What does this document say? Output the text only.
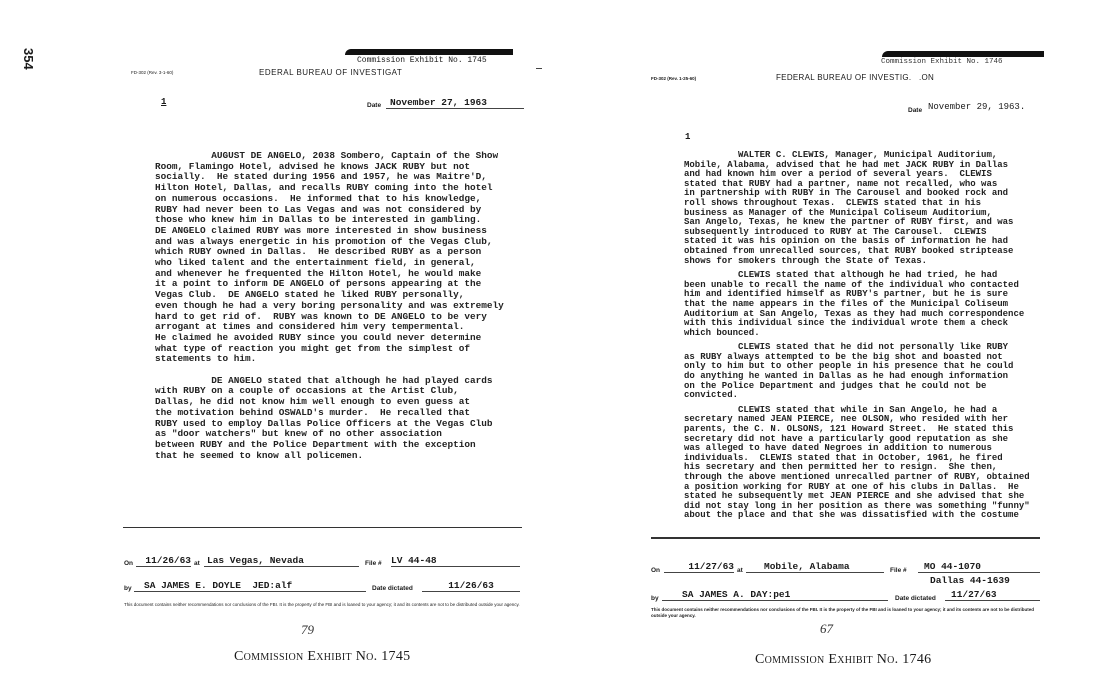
354	Commission Exhibit No. 1745
FD-302 (Rev. 3-1-60)	EDERAL BUREAU OF INVESTIGAT
1	Date November 27, 1963
AUGUST DE ANGELO, 2038 Sombero, Captain of the Show
Room, Flamingo Hotel, advised he knows JACK RUBY but not
socially.  He stated during 1956 and 1957, he was Maitre'D,
Hilton Hotel, Dallas, and recalls RUBY coming into the hotel
on numerous occasions.  He informed that to his knowledge,
RUBY had never been to Las Vegas and was not considered by
those who knew him in Dallas to be interested in gambling.
DE ANGELO claimed RUBY was more interested in show business
and was always energetic in his promotion of the Vegas Club,
which RUBY owned in Dallas.  He described RUBY as a person
who liked talent and the entertainment field, in general,
and whenever he frequented the Hilton Hotel, he would make
it a point to inform DE ANGELO of persons appearing at the
Vegas Club.  DE ANGELO stated he liked RUBY personally,
even though he had a very boring personality and was extremely
hard to get rid of.  RUBY was known to DE ANGELO to be very
arrogant at times and considered him very tempermental.
He claimed he avoided RUBY since you could never determine
what type of reaction you might get from the simplest of
statements to him.
DE ANGELO stated that although he had played cards
with RUBY on a couple of occasions at the Artist Club,
Dallas, he did not know him well enough to even guess at
the motivation behind OSWALD's murder.  He recalled that
RUBY used to employ Dallas Police Officers at the Vegas Club
as "door watchers" but knew of no other association
between RUBY and the Police Department with the exception
that he seemed to know all policemen.
On	11/26/63 at Las Vegas, Nevada	File # LV 44-48
by	SA JAMES E. DOYLE  JED:alf	Date dictated	11/26/63
This document contains neither recommendations nor conclusions of the FBI. It is the property of the FBI and is loaned to your agency; it and its contents are not to be distributed outside your agency.
79
Commission Exhibit No. 1745
Commission Exhibit No. 1746
FD-302 (Rev. 1-25-60)	FEDERAL BUREAU OF INVESTIG.   .ON
Date November 29, 1963.
1
WALTER C. CLEWIS, Manager, Municipal Auditorium,
Mobile, Alabama, advised that he had met JACK RUBY in Dallas
and had known him over a period of several years.  CLEWIS
stated that RUBY had a partner, name not recalled, who was
in partnership with RUBY in The Carousel and booked rock and
roll shows throughout Texas.  CLEWIS stated that in his
business as Manager of the Municipal Coliseum Auditorium,
San Angelo, Texas, he knew the partner of RUBY first, and was
subsequently introduced to RUBY at The Carousel.  CLEWIS
stated it was his opinion on the basis of information he had
obtained from unrecalled sources, that RUBY booked striptease
shows for smokers through the State of Texas.
CLEWIS stated that although he had tried, he had
been unable to recall the name of the individual who contacted
him and identified himself as RUBY's partner, but he is sure
that the name appears in the files of the Municipal Coliseum
Auditorium at San Angelo, Texas as they had much correspondence
with this individual since the individual wrote them a check
which bounced.
CLEWIS stated that he did not personally like RUBY
as RUBY always attempted to be the big shot and boasted not
only to him but to other people in his presence that he could
do anything he wanted in Dallas as he had enough information
on the Police Department and judges that he could not be
convicted.
CLEWIS stated that while in San Angelo, he had a
secretary named JEAN PIERCE, nee OLSON, who resided with her
parents, the C. N. OLSONS, 121 Howard Street.  He stated this
secretary did not have a particularly good reputation as she
was alleged to have dated Negroes in addition to numerous
individuals.  CLEWIS stated that in October, 1961, he fired
his secretary and then permitted her to resign.  She then,
through the above mentioned unrecalled partner of RUBY, obtained
a position working for RUBY at one of his clubs in Dallas.  He
stated he subsequently met JEAN PIERCE and she advised that she
did not stay long in her position as there was something "funny"
about the place and that she was dissatisfied with the costume
On	11/27/63 at	Mobile, Alabama	File #	MO 44-1070
Dallas 44-1639
by	SA JAMES A. DAY:pe1	Date dictated	11/27/63
This document contains neither recommendations nor conclusions of the FBI. It is the property of the FBI and is loaned to your agency; it and its contents are not to be distributed outside your agency.
67
Commission Exhibit No. 1746
